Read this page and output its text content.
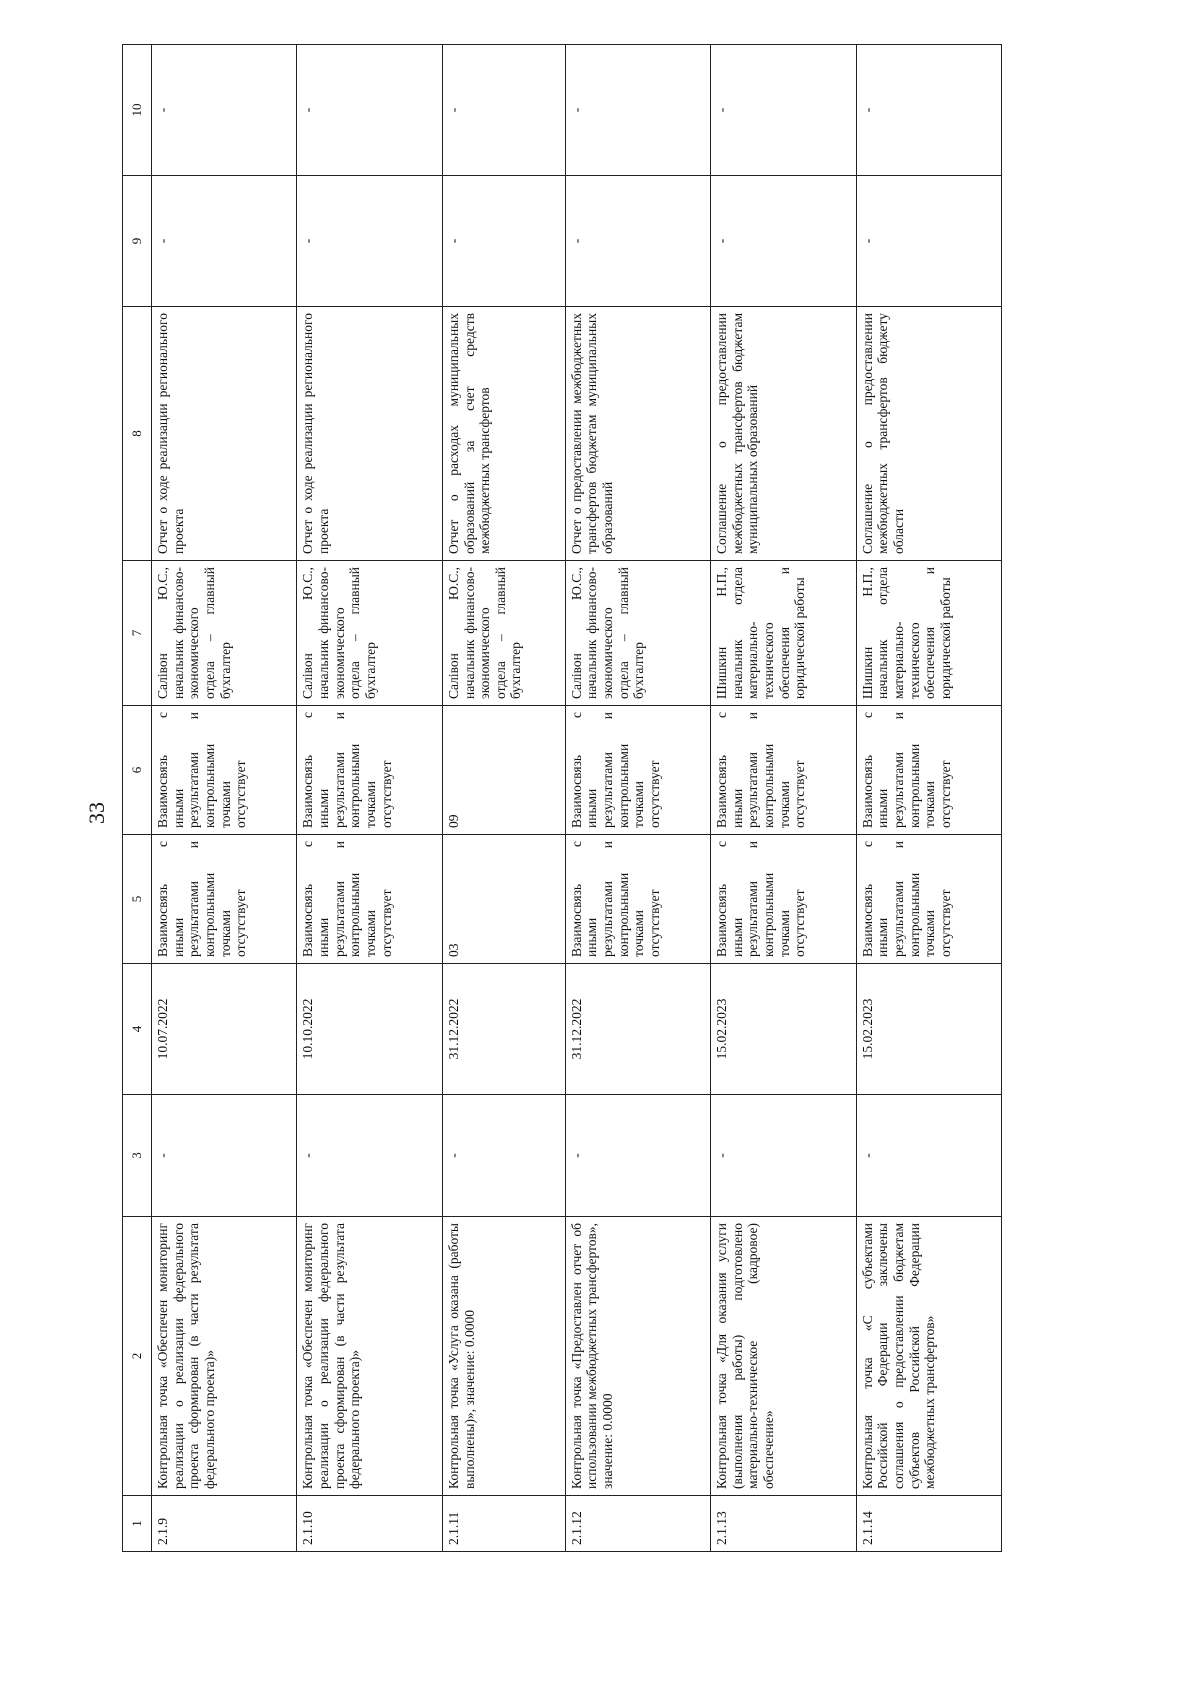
33
1	2	3	4	5	6	7	8	9	10
2.1.9	Контрольная точка «Обеспечен мониторинг реализации о реализации федерального проекта сформирован (в части результата федерального проекта)»	-	10.07.2022	Взаимосвязь с иными результатами и контрольными точками отсутствует	Взаимосвязь с иными результатами и контрольными точками отсутствует	Салівон Ю.С., начальник финансово-экономического отдела – главный бухгалтер	Отчет о ходе реализации регионального проекта	-	-
2.1.10	Контрольная точка «Обеспечен мониторинг реализации о реализации федерального проекта сформирован (в части результата федерального проекта)»	-	10.10.2022	Взаимосвязь с иными результатами и контрольными точками отсутствует	Взаимосвязь с иными результатами и контрольными точками отсутствует	Салівон Ю.С., начальник финансово-экономического отдела – главный бухгалтер	Отчет о ходе реализации регионального проекта	-	-
2.1.11	Контрольная точка «Услуга оказана (работы выполнены)», значение: 0.0000	-	31.12.2022	03	09	Салівон Ю.С., начальник финансово-экономического отдела – главный бухгалтер	Отчет о расходах муниципальных образований за счет средств межбюджетных трансфертов	-	-
2.1.12	Контрольная точка «Предоставлен отчет об использовании межбюджетных трансфертов», значение: 0.0000	-	31.12.2022	Взаимосвязь с иными результатами и контрольными точками отсутствует	Взаимосвязь с иными результатами и контрольными точками отсутствует	Салівон Ю.С., начальник финансово-экономического отдела – главный бухгалтер	Отчет о предоставлении межбюджетных трансфертов бюджетам муниципальных образований	-	-
2.1.13	Контрольная точка «Для оказания услуги (выполнения работы) подготовлено материально-техническое (кадровое) обеспечение»	-	15.02.2023	Взаимосвязь с иными результатами и контрольными точками отсутствует	Взаимосвязь с иными результатами и контрольными точками отсутствует	Шишкин Н.П., начальник отдела материально-технического обеспечения и юридической работы	Соглашение о предоставлении межбюджетных трансфертов бюджетам муниципальных образований	-	-
2.1.14	Контрольная точка «С субъектами Российской Федерации заключены соглашения о предоставлении бюджетам субъектов Российской Федерации межбюджетных трансфертов»	-	15.02.2023	Взаимосвязь с иными результатами и контрольными точками отсутствует	Взаимосвязь с иными результатами и контрольными точками отсутствует	Шишкин Н.П., начальник отдела материально-технического обеспечения и юридической работы	Соглашение о предоставлении межбюджетных трансфертов бюджету области	-	-
